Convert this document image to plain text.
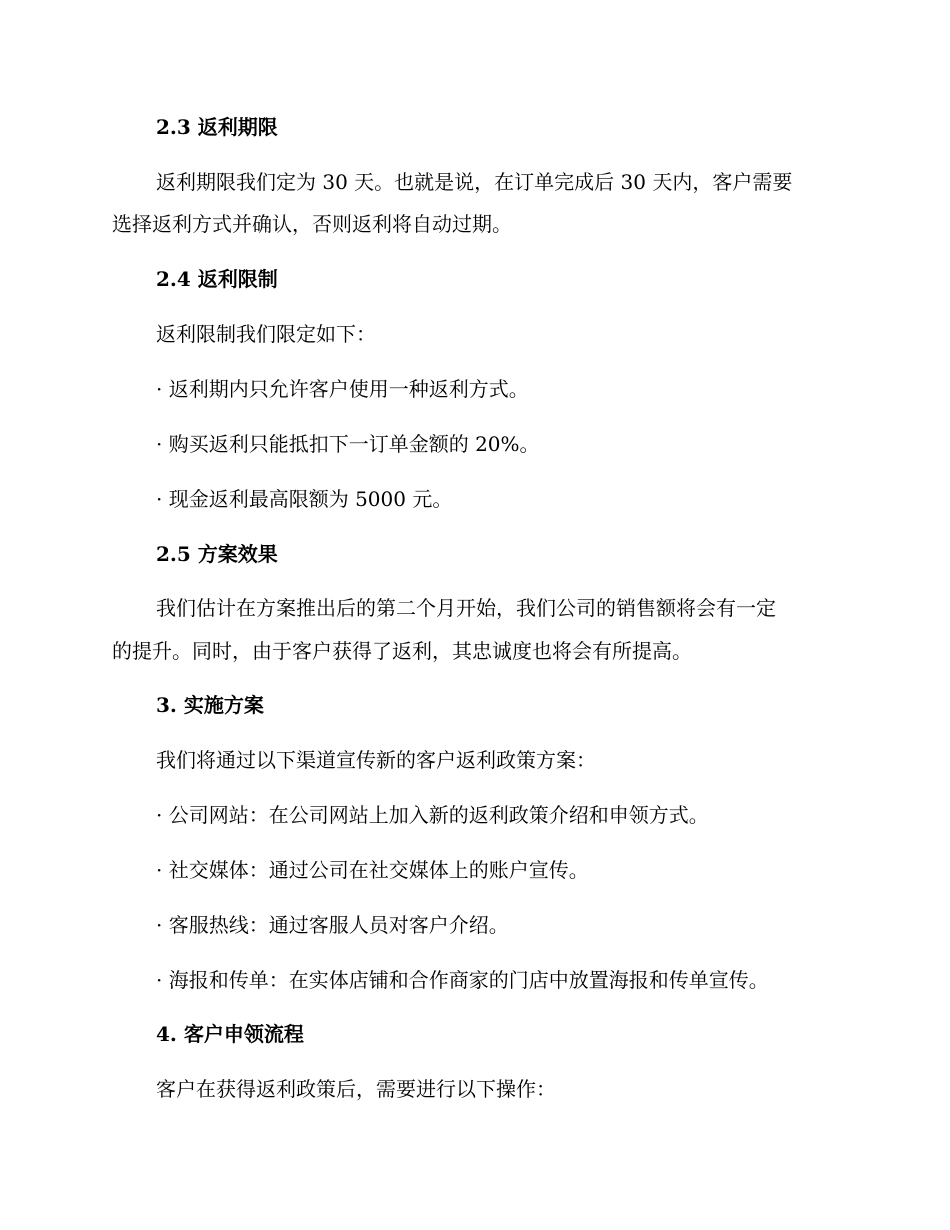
2.3 返利期限
返利期限我们定为 30 天。也就是说，在订单完成后 30 天内，客户需要
选择返利方式并确认，否则返利将自动过期。
2.4 返利限制
返利限制我们限定如下：
· 返利期内只允许客户使用一种返利方式。
· 购买返利只能抵扣下一订单金额的 20%。
· 现金返利最高限额为 5000 元。
2.5 方案效果
我们估计在方案推出后的第二个月开始，我们公司的销售额将会有一定
的提升。同时，由于客户获得了返利，其忠诚度也将会有所提高。
3. 实施方案
我们将通过以下渠道宣传新的客户返利政策方案：
· 公司网站：在公司网站上加入新的返利政策介绍和申领方式。
· 社交媒体：通过公司在社交媒体上的账户宣传。
· 客服热线：通过客服人员对客户介绍。
· 海报和传单：在实体店铺和合作商家的门店中放置海报和传单宣传。
4. 客户申领流程
客户在获得返利政策后，需要进行以下操作：
